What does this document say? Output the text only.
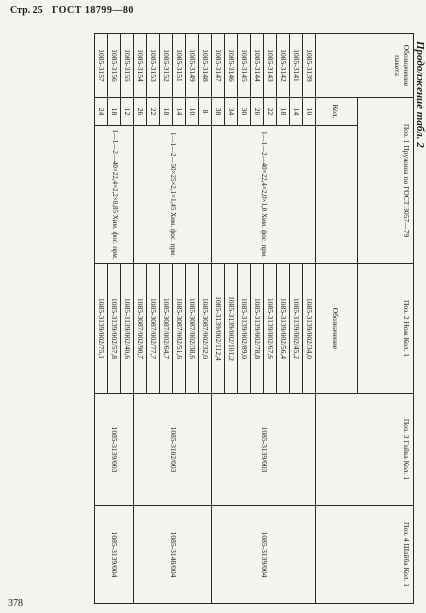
Стр. 25 ГОСТ 18799—80
Продолжение табл. 2
Обозначение пакета	Поз. 1 Пружина по ГОСТ 3057—79		Поз. 2 Нож Кол. 1	Поз. 3 Гайка Кол. 1	Поз. 4 Шайба Кол. 1
	Кол.		Обозначение		
1085-3139	10	1—1—2—40×22,4×2,0×1,0 Хим. фос. прм.	1085-3139/002/34,0	1085-3139/003	1085-3139/004
1085-3141	14		1085-3139/002/45,2		
1085-3142	18		1085-3139/002/56,4		
1085-3143	22		1085-3139/002/67,6		
1085-3144	26		1085-3139/002/78,8		
1085-3145	30		1085-3139/002/89,0		
1085-3146	34		1085-3139/002/101,2		
1085-3147	38		1085-3139/002/112,4		
1085-3148	8	1—1—2—50×25×2,1×1,45 Хим. фос. прм.	1085-3087/002/32,0	1085-3102/003	1085-3148/004
1085-3149	10		1085-3087/002/38,6		
1085-3151	14		1085-3087/002/51,6		
1085-3152	18		1085-3087/002/64,7		
1085-3153	22		1085-3087/002/77,7		
1085-3154	26		1085-3087/002/90,7		
1085-3155	12	1—1—2—40×22,4×2,2×0,85 Хим. фос. прм.	1085-3139/002/40,6	1085-3139/003	1085-3139/004
1085-3156	18		1085-3139/002/57,8		
1085-3157	24		1085-3139/002/75,1		
378
